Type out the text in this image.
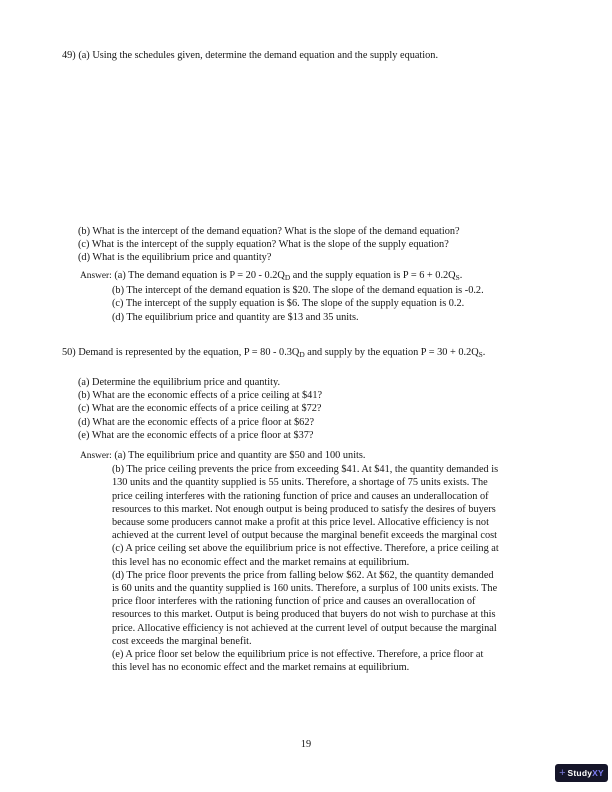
49) (a) Using the schedules given, determine the demand equation and the supply equation.
(b) What is the intercept of the demand equation? What is the slope of the demand equation?
(c) What is the intercept of the supply equation? What is the slope of the supply equation?
(d) What is the equilibrium price and quantity?
Answer: (a) The demand equation is $P = 20 - 0.2Q_D$ and the supply equation is $P = 6 + 0.2Q_S$.
(b) The intercept of the demand equation is $20. The slope of the demand equation is -0.2.
(c) The intercept of the supply equation is $6. The slope of the supply equation is 0.2.
(d) The equilibrium price and quantity are $13 and 35 units.
50) Demand is represented by the equation, $P = 80 - 0.3Q_D$ and supply by the equation $P = 30 + 0.2Q_S$.
(a) Determine the equilibrium price and quantity.
(b) What are the economic effects of a price ceiling at $41?
(c) What are the economic effects of a price ceiling at $72?
(d) What are the economic effects of a price floor at $62?
(e) What are the economic effects of a price floor at $37?
Answer: (a) The equilibrium price and quantity are $50 and 100 units.
(b) The price ceiling prevents the price from exceeding $41. At $41, the quantity demanded is
130 units and the quantity supplied is 55 units. Therefore, a shortage of 75 units exists. The
price ceiling interferes with the rationing function of price and causes an underallocation of
resources to this market. Not enough output is being produced to satisfy the desires of buyers
because some producers cannot make a profit at this price level. Allocative efficiency is not
achieved at the current level of output because the marginal benefit exceeds the marginal cost
(c) A price ceiling set above the equilibrium price is not effective. Therefore, a price ceiling at
this level has no economic effect and the market remains at equilibrium.
(d) The price floor prevents the price from falling below $62. At $62, the quantity demanded
is 60 units and the quantity supplied is 160 units. Therefore, a surplus of 100 units exists. The
price floor interferes with the rationing function of price and causes an overallocation of
resources to this market. Output is being produced that buyers do not wish to purchase at this
price. Allocative efficiency is not achieved at the current level of output because the marginal
cost exceeds the marginal benefit.
(e) A price floor set below the equilibrium price is not effective. Therefore, a price floor at
this level has no economic effect and the market remains at equilibrium.
19
+ StudyXY
